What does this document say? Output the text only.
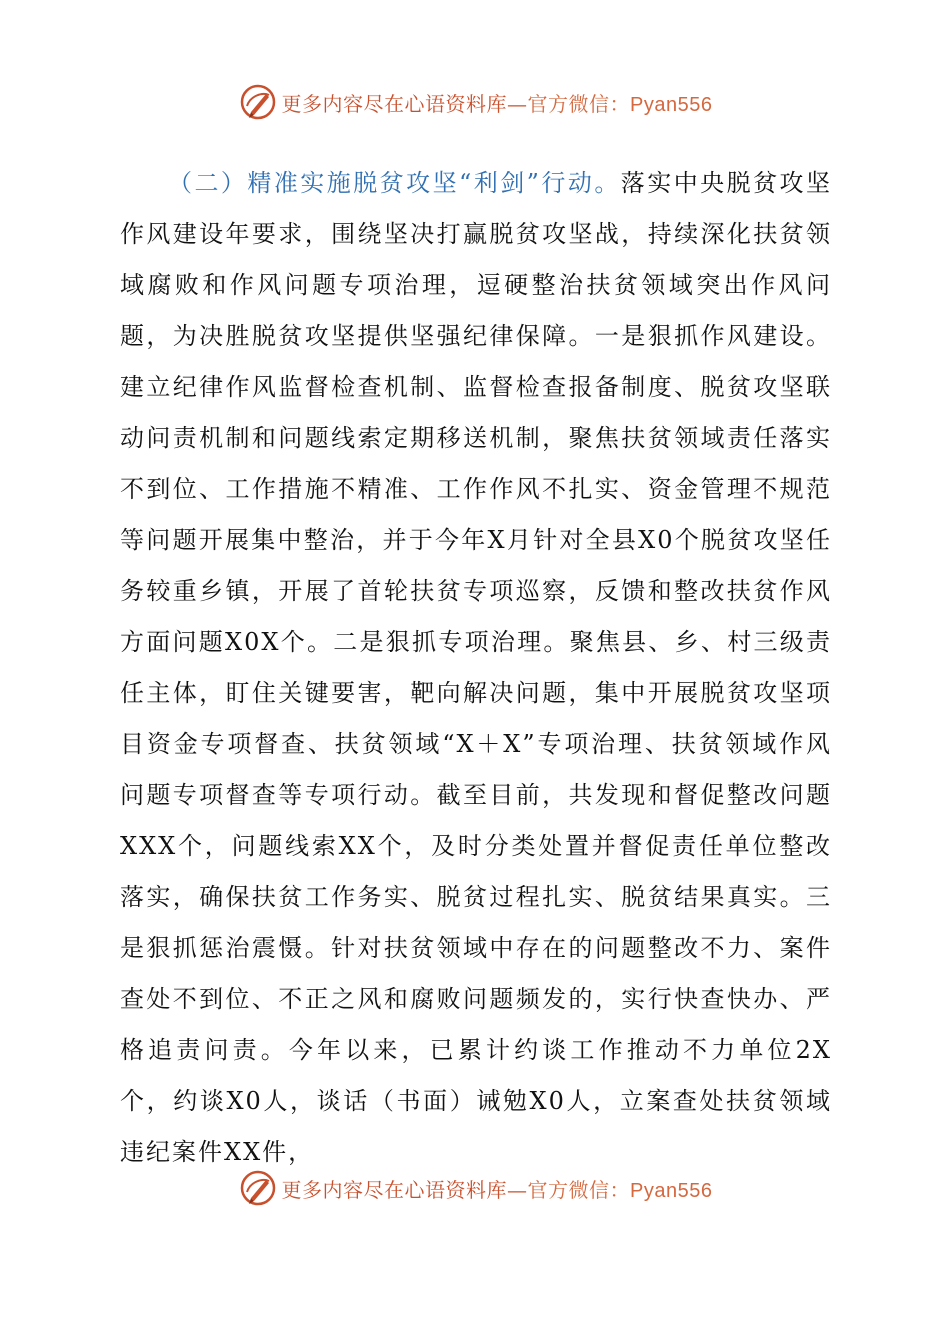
更多内容尽在心语资料库—官方微信：Pyan556

（二）精准实施脱贫攻坚“利剑”行动。落实中央脱贫攻坚作风建设年要求，围绕坚决打赢脱贫攻坚战，持续深化扶贫领域腐败和作风问题专项治理，逗硬整治扶贫领域突出作风问题，为决胜脱贫攻坚提供坚强纪律保障。一是狠抓作风建设。建立纪律作风监督检查机制、监督检查报备制度、脱贫攻坚联动问责机制和问题线索定期移送机制，聚焦扶贫领域责任落实不到位、工作措施不精准、工作作风不扎实、资金管理不规范等问题开展集中整治，并于今年X月针对全县X0个脱贫攻坚任务较重乡镇，开展了首轮扶贫专项巡察，反馈和整改扶贫作风方面问题X0X个。二是狠抓专项治理。聚焦县、乡、村三级责任主体，盯住关键要害，靶向解决问题，集中开展脱贫攻坚项目资金专项督查、扶贫领域“X＋X”专项治理、扶贫领域作风问题专项督查等专项行动。截至目前，共发现和督促整改问题XXX个，问题线索XX个，及时分类处置并督促责任单位整改落实，确保扶贫工作务实、脱贫过程扎实、脱贫结果真实。三是狠抓惩治震慑。针对扶贫领域中存在的问题整改不力、案件查处不到位、不正之风和腐败问题频发的，实行快查快办、严格追责问责。今年以来，已累计约谈工作推动不力单位2X个，约谈X0人，谈话（书面）诫勉X0人，立案查处扶贫领域违纪案件XX件，

更多内容尽在心语资料库—官方微信：Pyan556
